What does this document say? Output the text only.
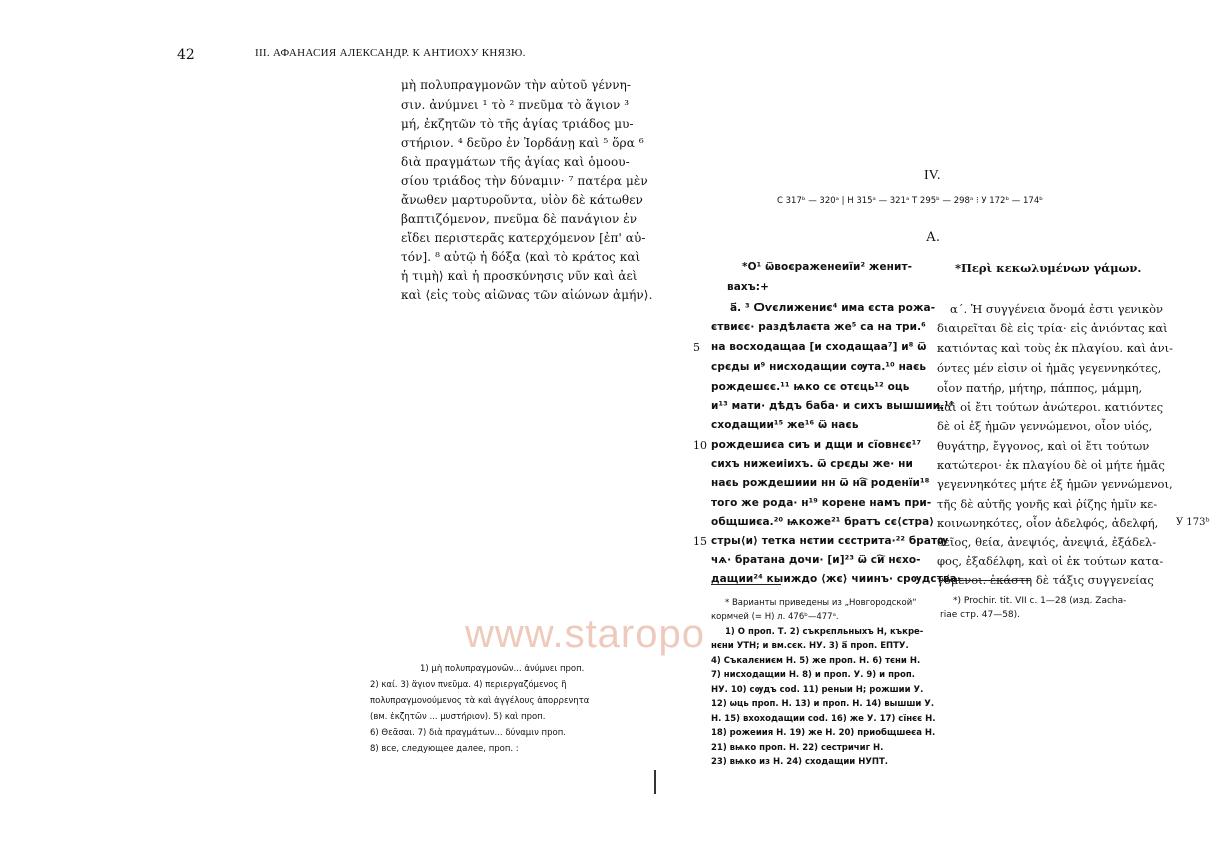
42	III. АФАНАСИЯ АЛЕКСАНДР. К АНТИОХУ КНЯЗЮ.
μὴ πολυπραγμονῶν τὴν αὐτοῦ γέννη-
σιν. ἀνύμνει ¹ τὸ ² πνεῦμα τὸ ἅγιον ³
μή, ἐκζητῶν τὸ τῆς ἁγίας τριάδος μυ-
στήριον. ⁴ δεῦρο ἐν Ἰορδάνῃ καὶ ⁵ ὅρα ⁶
διὰ πραγμάτων τῆς ἁγίας καὶ ὁμοου-
σίου τριάδος τὴν δύναμιν· ⁷ πατέρα μὲν
ἄνωθεν μαρτυροῦντα, υἱὸν δὲ κάτωθεν
βαπτιζόμενον, πνεῦμα δὲ πανάγιον ἐν
εἴδει περιστερᾶς κατερχόμενον [ἐπ' αὐ-
τόν]. ⁸ αὐτῷ ἡ δόξα ⟨καὶ τὸ κράτος καὶ
ἡ τιμὴ⟩ καὶ ἡ προσκύνησις νῦν καὶ ἀεὶ
καὶ ⟨εἰς τοὺς αἰῶνας τῶν αἰώνων ἀμήν⟩.
1) μὴ πολυπραγμονῶν... ἀνύμνει проп.
2) καί. 3) ἅγιον πνεῦμα. 4) περιεργαζόμενος ἢ
πολυπραγμονούμενος τὰ καὶ ἀγγέλους ἀπορρενητα
(вм. ἐκζητῶν ... μυστήριον). 5) καὶ проп.
6) Θεᾶσαι. 7) διὰ πραγμάτων... δύναμιν проп.
8) все, следующее далее, проп. :
IV.
С 317ᵇ — 320ᵃ | Н 315ᵃ — 321ᵃ Т 295ᵇ — 298ᵃ ⁝ У 172ᵇ — 174ᵇ
А.
*О¹ ѿвоєраженеиїи² женит-
вахъ:+
а҃. ³ Ѻѵєлижениє⁴ има єста рожа-
єтвиєє· раздѣлаєта же⁵ са на три.⁶
на восходащаа [и сходащаа⁷] и⁸ ѿ
срєды и⁹ нисходащии сѹта.¹⁰ наєь
рождешєє.¹¹ ѩко сє отєць¹² оць
и¹³ мати· дѣдъ баба· и сихъ вышшии.¹⁴
сходащии¹⁵ же¹⁶ ѿ наєь
рождешиєа сиъ и дщи и сїовнєє¹⁷
сихъ нижеиіихъ. ѿ срєды же· ни
наєь рождешиии нн ѿ на҇ роденїи¹⁸
того же рода· н¹⁹ корене намъ при-
общшиєа.²⁰ ѩкоже²¹ братъ сє⟨стра⟩
стры⟨и⟩ тетка нєтии сєстрита·²² братѹ
чѧ· братана дочи· [и]²³ ѿ си҇ нєхо-
дащии²⁴ кыиждо ⟨жє⟩ чиинъ· срѹдства·
5
10
15
*Περὶ κεκωλυμένων γάμων.
α´. Ἡ συγγένεια ὄνομά ἐστι γενικὸν
διαιρεῖται δὲ εἰς τρία· εἰς ἀνιόντας καὶ
κατιόντας καὶ τοὺς ἐκ πλαγίου. καὶ ἀνι-
όντες μέν εἰσιν οἱ ἡμᾶς γεγεννηκότες,
οἷον πατήρ, μήτηρ, πάππος, μάμμη,
καὶ οἱ ἔτι τούτων ἀνώτεροι. κατιόντες
δὲ οἱ ἐξ ἡμῶν γεννώμενοι, οἷον υἱός,
θυγάτηρ, ἔγγονος, καὶ οἱ ἔτι τούτων
κατώτεροι· ἐκ πλαγίου δὲ οἱ μήτε ἡμᾶς
γεγεννηκότες μήτε ἐξ ἡμῶν γεννώμενοι,
τῆς δὲ αὐτῆς γονῆς καὶ ῥίζης ἡμῖν κε-
κοινωνηκότες, οἷον ἀδελφός, ἀδελφή,
θεῖος, θεία, ἀνεψιός, ἀνεψιά, ἐξάδελ-
φος, ἐξαδέλφη, καὶ οἱ ἐκ τούτων κατα-
γόμενοι. ἑκάστη δὲ τάξις συγγενείας
У 173ᵇ
* Варианты приведены из „Новгородской“
кормчей (= Н) л. 476ᵇ—477ᵃ.
1) О проп. Т. 2) съкрєпльныхъ Н, къкре-
нєни УТН; и вм.сєк. НУ. 3) а҃ проп. ЕПТУ.
4) Съкалєниєм Н. 5) же проп. Н. 6) тєни Н.
7) нисходащии Н. 8) и проп. У. 9) и проп.
НУ. 10) сѹдъ cod. 11) реныи Н; рожшии У.
12) ѡць проп. Н. 13) и проп. Н. 14) вышши У.
Н. 15) вхоходащии cod. 16) же У. 17) сїнєє Н.
18) рожеиия Н. 19) же Н. 20) приобщшеєа Н.
21) вѩко проп. Н. 22) сестричиг Н.
23) вѩко из Н. 24) сходащии НУПТ.
*) Prochir. tit. VII c. 1—28 (изд. Zacha-
riae стр. 47—58).
www.staropo
